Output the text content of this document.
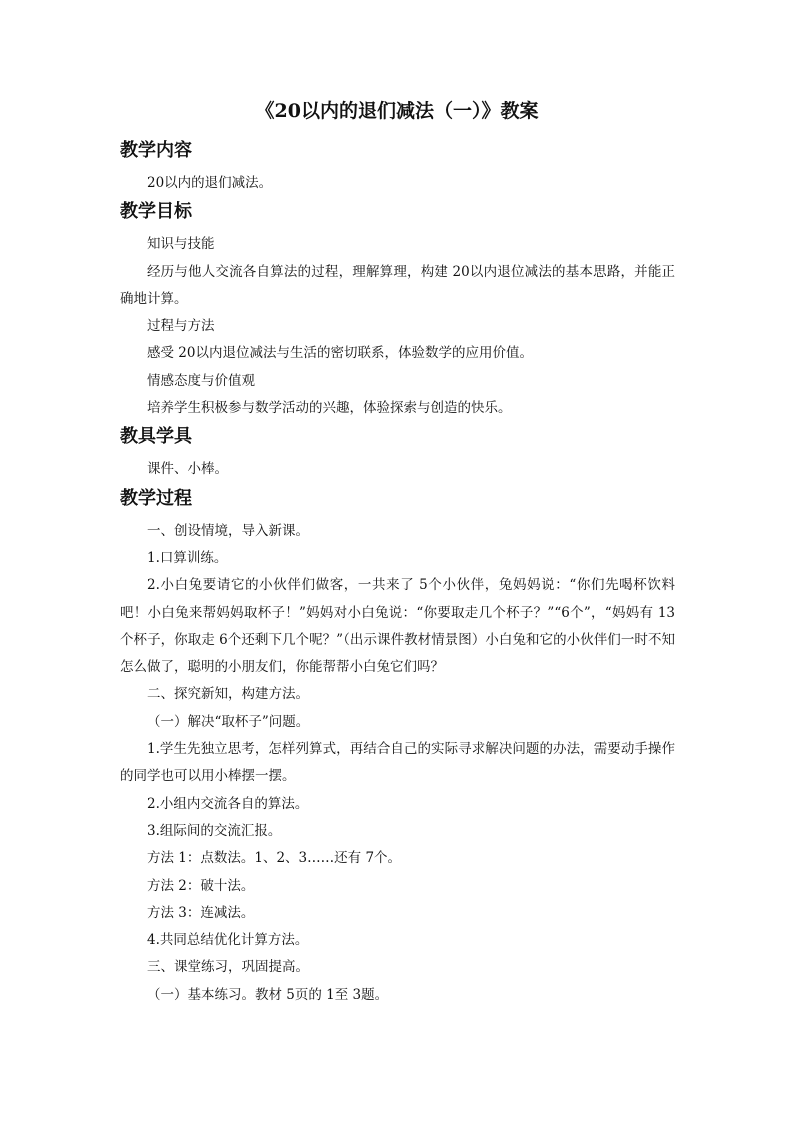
《20以内的退们减法（一）》教案
教学内容

20以内的退们减法。

教学目标

知识与技能

经历与他人交流各自算法的过程，理解算理，构建 20以内退位减法的基本思路，并能正确地计算。

过程与方法

感受 20以内退位减法与生活的密切联系，体验数学的应用价值。

情感态度与价值观

培养学生积极参与数学活动的兴趣，体验探索与创造的快乐。

教具学具

课件、小棒。

教学过程

一、创设情境，导入新课。

1.口算训练。

2.小白兔要请它的小伙伴们做客，一共来了 5个小伙伴，兔妈妈说：“你们先喝杯饮料吧！小白兔来帮妈妈取杯子！”妈妈对小白兔说：“你要取走几个杯子？”“6个”，“妈妈有 13个杯子，你取走 6个还剩下几个呢？”（出示课件教材情景图）小白兔和它的小伙伴们一时不知怎么做了，聪明的小朋友们，你能帮帮小白兔它们吗？

二、探究新知，构建方法。

（一）解决“取杯子”问题。

1.学生先独立思考，怎样列算式，再结合自己的实际寻求解决问题的办法，需要动手操作的同学也可以用小棒摆一摆。

2.小组内交流各自的算法。

3.组际间的交流汇报。

方法 1：点数法。1、2、3……还有 7个。

方法 2：破十法。

方法 3：连减法。

4.共同总结优化计算方法。

三、课堂练习，巩固提高。

（一）基本练习。教材 5页的 1至 3题。
